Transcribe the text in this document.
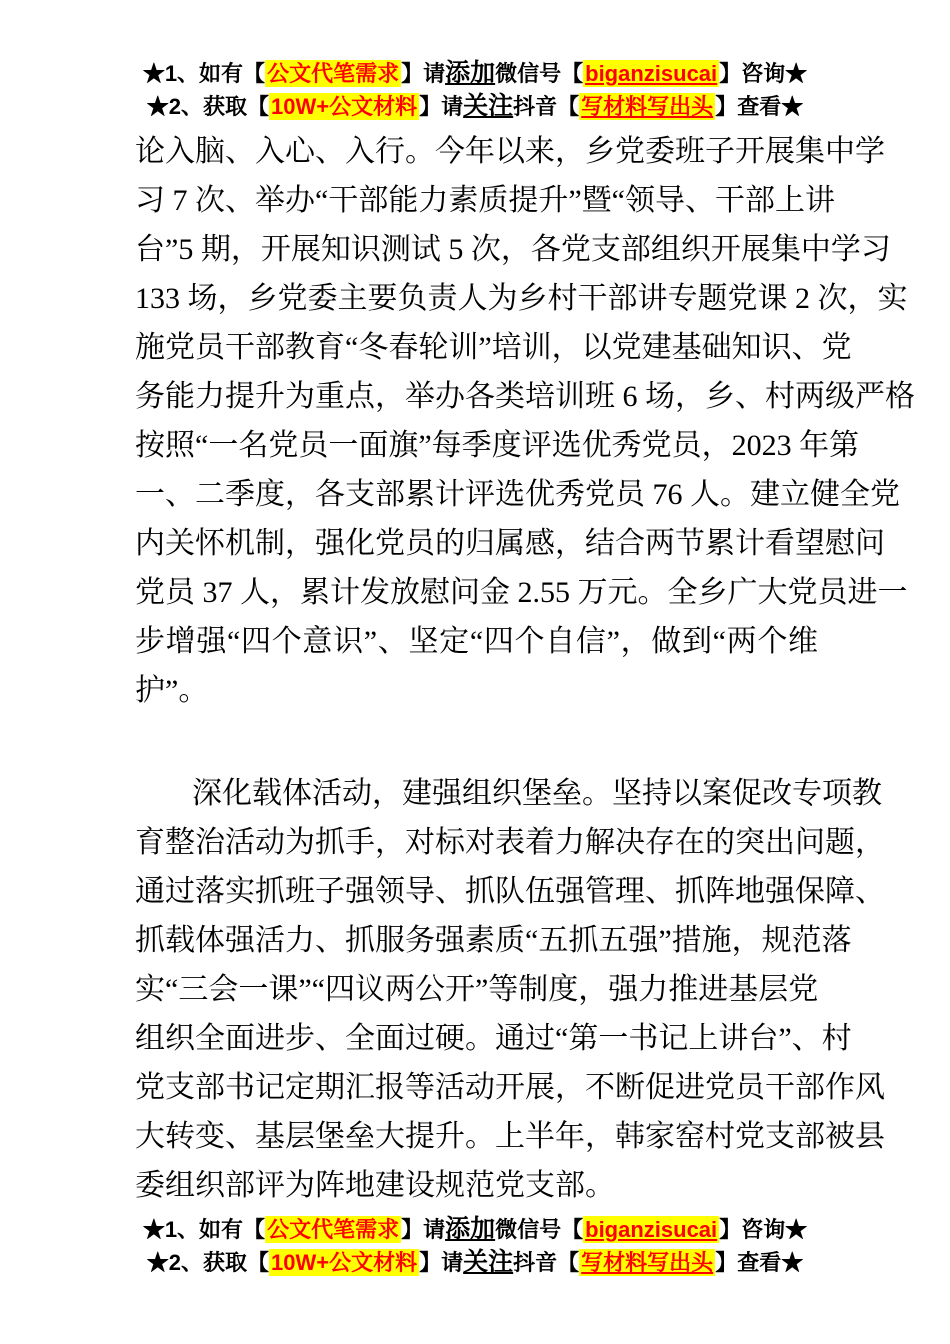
★1、如有【公文代笔需求】请添加微信号【biganzisucai】咨询★
★2、获取【10W+公文材料】请关注抖音【写材料写出头】查看★
论入脑、入心、入行。今年以来，乡党委班子开展集中学
习 7 次、举办“干部能力素质提升”暨“领导、干部上讲
台”5 期，开展知识测试 5 次，各党支部组织开展集中学习
133 场，乡党委主要负责人为乡村干部讲专题党课 2 次，实
施党员干部教育“冬春轮训”培训，以党建基础知识、党
务能力提升为重点，举办各类培训班 6 场，乡、村两级严格
按照“一名党员一面旗”每季度评选优秀党员，2023 年第
一、二季度，各支部累计评选优秀党员 76 人。建立健全党
内关怀机制，强化党员的归属感，结合两节累计看望慰问
党员 37 人，累计发放慰问金 2.55 万元。全乡广大党员进一
步增强“四个意识”、坚定“四个自信”，做到“两个维
护”。
深化载体活动，建强组织堡垒。坚持以案促改专项教
育整治活动为抓手，对标对表着力解决存在的突出问题，
通过落实抓班子强领导、抓队伍强管理、抓阵地强保障、
抓载体强活力、抓服务强素质“五抓五强”措施，规范落
实“三会一课”“四议两公开”等制度，强力推进基层党
组织全面进步、全面过硬。通过“第一书记上讲台”、村
党支部书记定期汇报等活动开展，不断促进党员干部作风
大转变、基层堡垒大提升。上半年，韩家窑村党支部被县
委组织部评为阵地建设规范党支部。
★1、如有【公文代笔需求】请添加微信号【biganzisucai】咨询★
★2、获取【10W+公文材料】请关注抖音【写材料写出头】查看★
